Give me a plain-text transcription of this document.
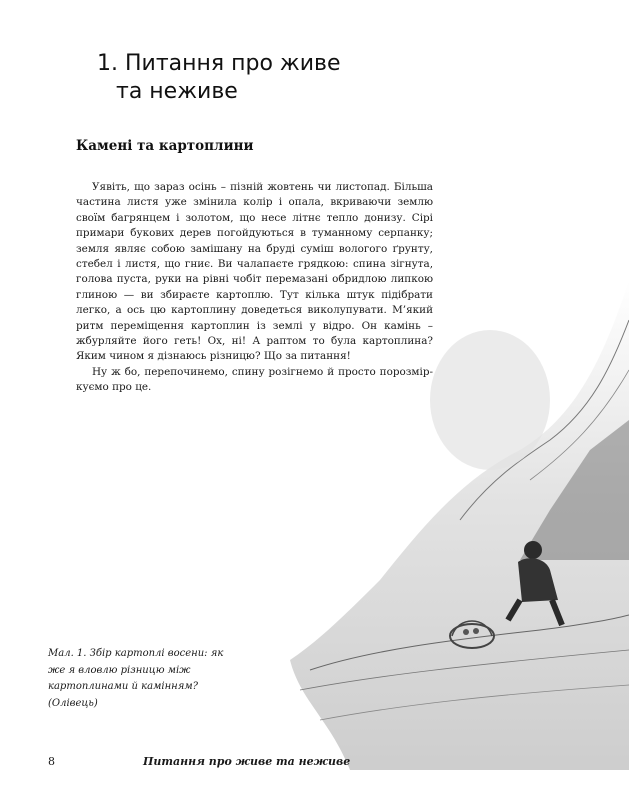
1. Питання про живе
та неживе
Камені та картоплини

Уявіть, що зараз осінь – пізній жовтень чи листопад. Більша частина листя уже змінила колір і опала, вкриваючи землю своїм багрянцем і золотом, що несе літнє тепло донизу. Сірі примари букових дерев погойдуються в туманному серпанку; земля являє собою замішану на бруді суміш вологого ґрунту, стебел і листя, що гниє. Ви чалапаєте грядкою: спина зігнута, голова пуста, руки на рівні чобіт перемазані обридлою липкою глиною — ви збираєте картоплю. Тут кілька штук підібрати легко, а ось цю картоплину доведеться виколупувати. М’який ритм переміщення картоплин із землі у відро. Он камінь – жбурляйте його геть! Ох, ні! А раптом то була картоплина? Яким чином я дізнаюсь різницю? Що за питання!

Ну ж бо, перепочинемо, спину розігнемо й просто порозміркуємо про це.

Мал. 1. Збір картоплі восени: як же я вловлю різницю між картоплинами й камінням? (Олівець)
8	Питання про живе та неживе
